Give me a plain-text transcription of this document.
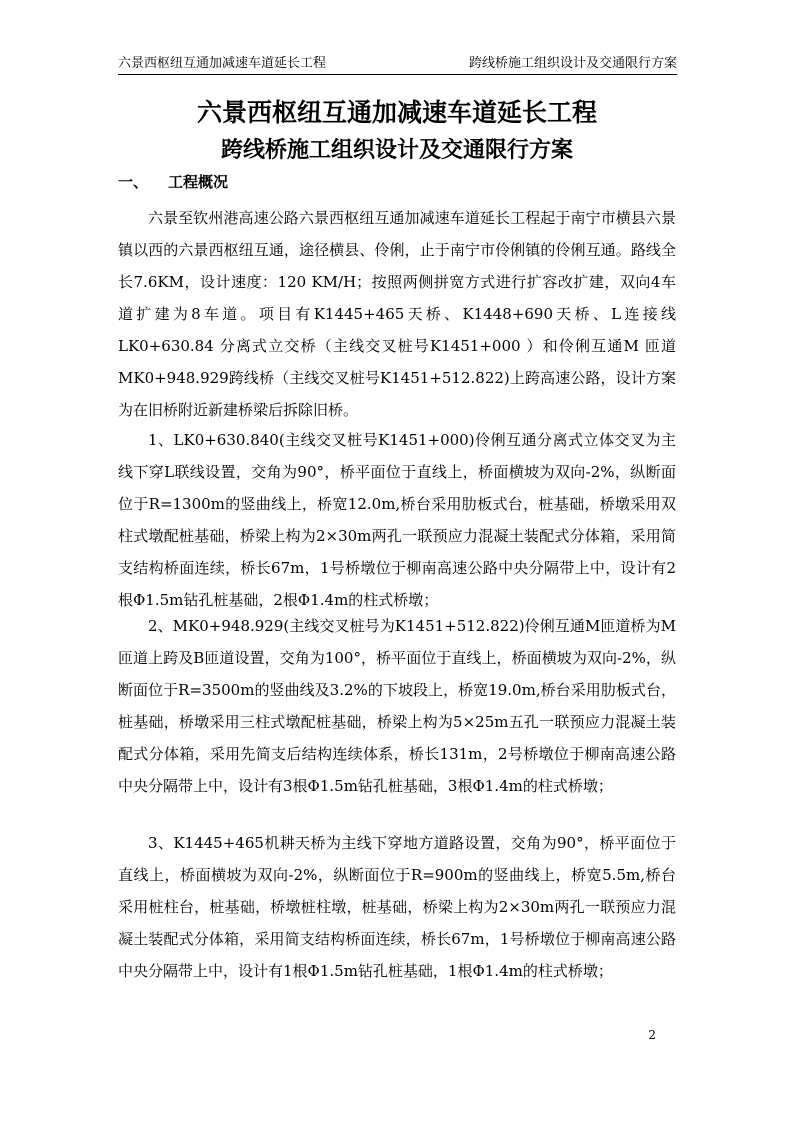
六景西枢纽互通加减速车道延长工程	跨线桥施工组织设计及交通限行方案
六景西枢纽互通加减速车道延长工程
跨线桥施工组织设计及交通限行方案
一、 工程概况

六景至钦州港高速公路六景西枢纽互通加减速车道延长工程起于南宁市横县六景镇以西的六景西枢纽互通，途径横县、伶俐，止于南宁市伶俐镇的伶俐互通。路线全长7.6KM，设计速度：120 KM/H；按照两侧拼宽方式进行扩容改扩建，双向4车道扩建为8车道。项目有K1445+465天桥、K1448+690天桥、L连接线LK0+630.84 分离式立交桥（主线交叉桩号K1451+000 ）和伶俐互通M 匝道MK0+948.929跨线桥（主线交叉桩号K1451+512.822)上跨高速公路，设计方案为在旧桥附近新建桥梁后拆除旧桥。

1、LK0+630.840(主线交叉桩号K1451+000)伶俐互通分离式立体交叉为主线下穿L联线设置，交角为90°，桥平面位于直线上，桥面横坡为双向-2%，纵断面位于R=1300m的竖曲线上，桥宽12.0m,桥台采用肋板式台，桩基础，桥墩采用双柱式墩配桩基础，桥梁上构为2×30m两孔一联预应力混凝土装配式分体箱，采用简支结构桥面连续，桥长67m，1号桥墩位于柳南高速公路中央分隔带上中，设计有2根Φ1.5m钻孔桩基础，2根Φ1.4m的柱式桥墩；

2、MK0+948.929(主线交叉桩号为K1451+512.822)伶俐互通M匝道桥为M匝道上跨及B匝道设置，交角为100°，桥平面位于直线上，桥面横坡为双向-2%，纵断面位于R=3500m的竖曲线及3.2%的下坡段上，桥宽19.0m,桥台采用肋板式台，桩基础，桥墩采用三柱式墩配桩基础，桥梁上构为5×25m五孔一联预应力混凝土装配式分体箱，采用先简支后结构连续体系，桥长131m，2号桥墩位于柳南高速公路中央分隔带上中，设计有3根Φ1.5m钻孔桩基础，3根Φ1.4m的柱式桥墩；

3、K1445+465机耕天桥为主线下穿地方道路设置，交角为90°，桥平面位于直线上，桥面横坡为双向-2%，纵断面位于R=900m的竖曲线上，桥宽5.5m,桥台采用桩柱台，桩基础，桥墩桩柱墩，桩基础，桥梁上构为2×30m两孔一联预应力混凝土装配式分体箱，采用简支结构桥面连续，桥长67m，1号桥墩位于柳南高速公路中央分隔带上中，设计有1根Φ1.5m钻孔桩基础，1根Φ1.4m的柱式桥墩；

2
